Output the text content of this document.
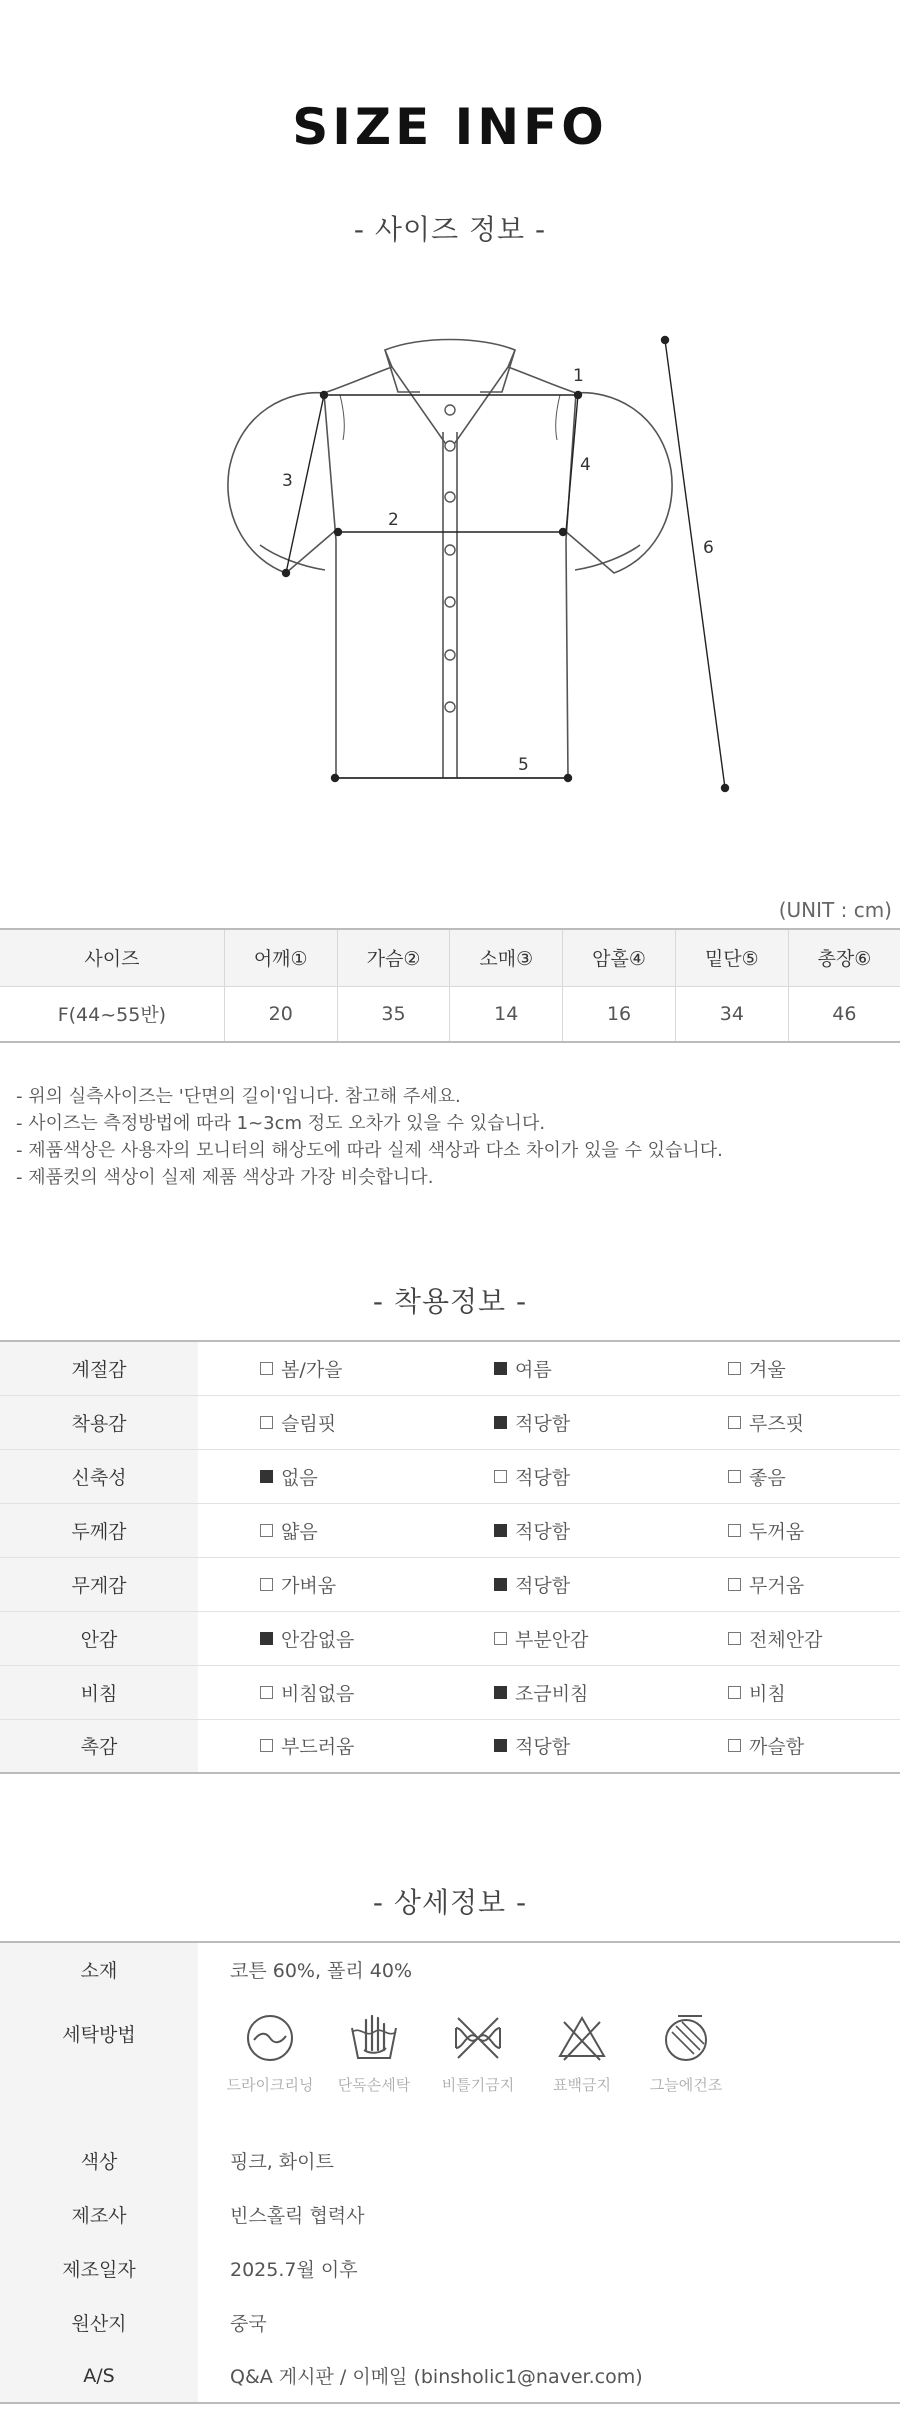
SIZE INFO
- 사이즈 정보 -
1
2
3
4
5
6
(UNIT : cm)
사이즈	어깨①	가슴②	소매③	암홀④	밑단⑤	총장⑥
F(44~55반)	20	35	14	16	34	46
- 위의 실측사이즈는 '단면의 길이'입니다. 참고해 주세요.
- 사이즈는 측정방법에 따라 1~3cm 정도 오차가 있을 수 있습니다.
- 제품색상은 사용자의 모니터의 해상도에 따라 실제 색상과 다소 차이가 있을 수 있습니다.
- 제품컷의 색상이 실제 제품 색상과 가장 비슷합니다.
- 착용정보 -
계절감	봄/가을	여름	겨울
착용감	슬림핏	적당함	루즈핏
신축성	없음	적당함	좋음
두께감	얇음	적당함	두꺼움
무게감	가벼움	적당함	무거움
안감	안감없음	부분안감	전체안감
비침	비침없음	조금비침	비침
촉감	부드러움	적당함	까슬함
- 상세정보 -
소재	코튼 60%, 폴리 40%
세탁방법	드라이크리닝 단독손세탁 비틀기금지 표백금지 그늘에건조

색상	핑크, 화이트
제조사	빈스홀릭 협력사
제조일자	2025.7월 이후
원산지	중국
A/S	Q&A 게시판 / 이메일 (binsholic1@naver.com)
